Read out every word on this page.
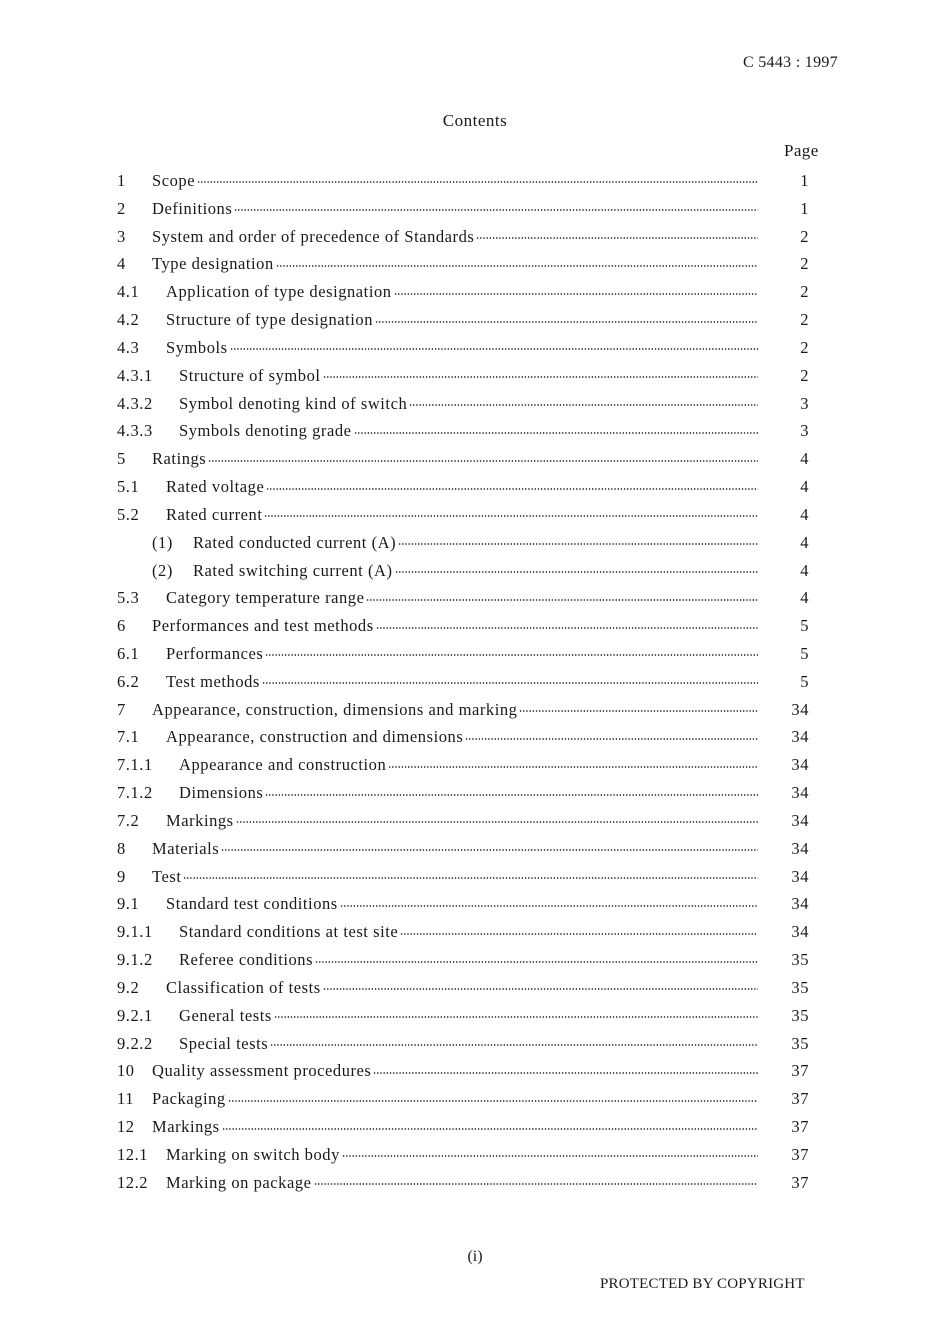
C 5443 : 1997
Contents
Page
1	Scope	1
2	Definitions	1
3	System and order of precedence of Standards	2
4	Type designation	2
4.1	Application of type designation	2
4.2	Structure of type designation	2
4.3	Symbols	2
4.3.1	Structure of symbol	2
4.3.2	Symbol denoting kind of switch	3
4.3.3	Symbols denoting grade	3
5	Ratings	4
5.1	Rated voltage	4
5.2	Rated current	4
(1)	Rated conducted current (A)	4
(2)	Rated switching current (A)	4
5.3	Category temperature range	4
6	Performances and test methods	5
6.1	Performances	5
6.2	Test methods	5
7	Appearance, construction, dimensions and marking	34
7.1	Appearance, construction and dimensions	34
7.1.1	Appearance and construction	34
7.1.2	Dimensions	34
7.2	Markings	34
8	Materials	34
9	Test	34
9.1	Standard test conditions	34
9.1.1	Standard conditions at test site	34
9.1.2	Referee conditions	35
9.2	Classification of tests	35
9.2.1	General tests	35
9.2.2	Special tests	35
10	Quality assessment procedures	37
11	Packaging	37
12	Markings	37
12.1	Marking on switch body	37
12.2	Marking on package	37
(i)
PROTECTED BY COPYRIGHT
